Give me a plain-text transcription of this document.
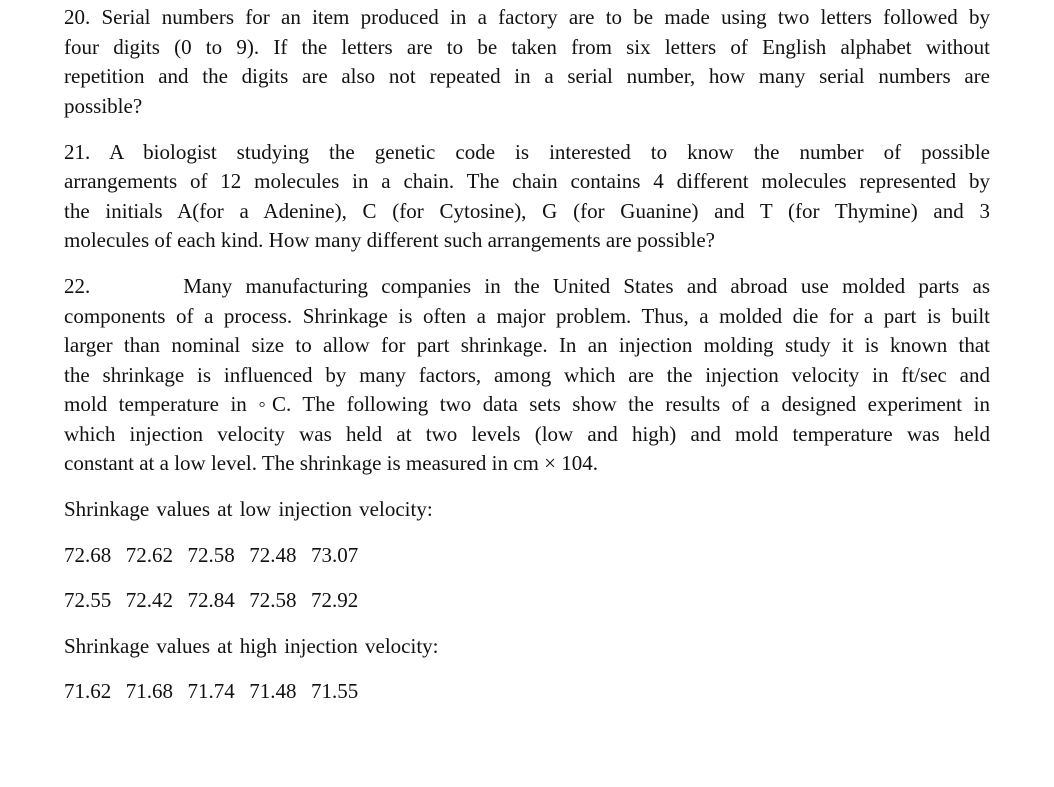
20. Serial numbers for an item produced in a factory are to be made using two letters followed by
four digits (0 to 9). If the letters are to be taken from six letters of English alphabet without
repetition and the digits are also not repeated in a serial number, how many serial numbers are
possible?
21. A biologist studying the genetic code is interested to know the number of possible
arrangements of 12 molecules in a chain. The chain contains 4 different molecules represented by
the initials A(for a Adenine), C (for Cytosine), G (for Guanine) and T (for Thymine) and 3
molecules of each kind. How many different such arrangements are possible?
22.       Many manufacturing companies in the United States and abroad use molded parts as
components of a process. Shrinkage is often a major problem. Thus, a molded die for a part is built
larger than nominal size to allow for part shrinkage. In an injection molding study it is known that
the shrinkage is influenced by many factors, among which are the injection velocity in ft/sec and
mold temperature in ◦C. The following two data sets show the results of a designed experiment in
which injection velocity was held at two levels (low and high) and mold temperature was held
constant at a low level. The shrinkage is measured in cm × 104.
Shrinkage values at low injection velocity:
72.68  72.62  72.58  72.48  73.07
72.55  72.42  72.84  72.58  72.92
Shrinkage values at high injection velocity:
71.62  71.68  71.74  71.48  71.55
